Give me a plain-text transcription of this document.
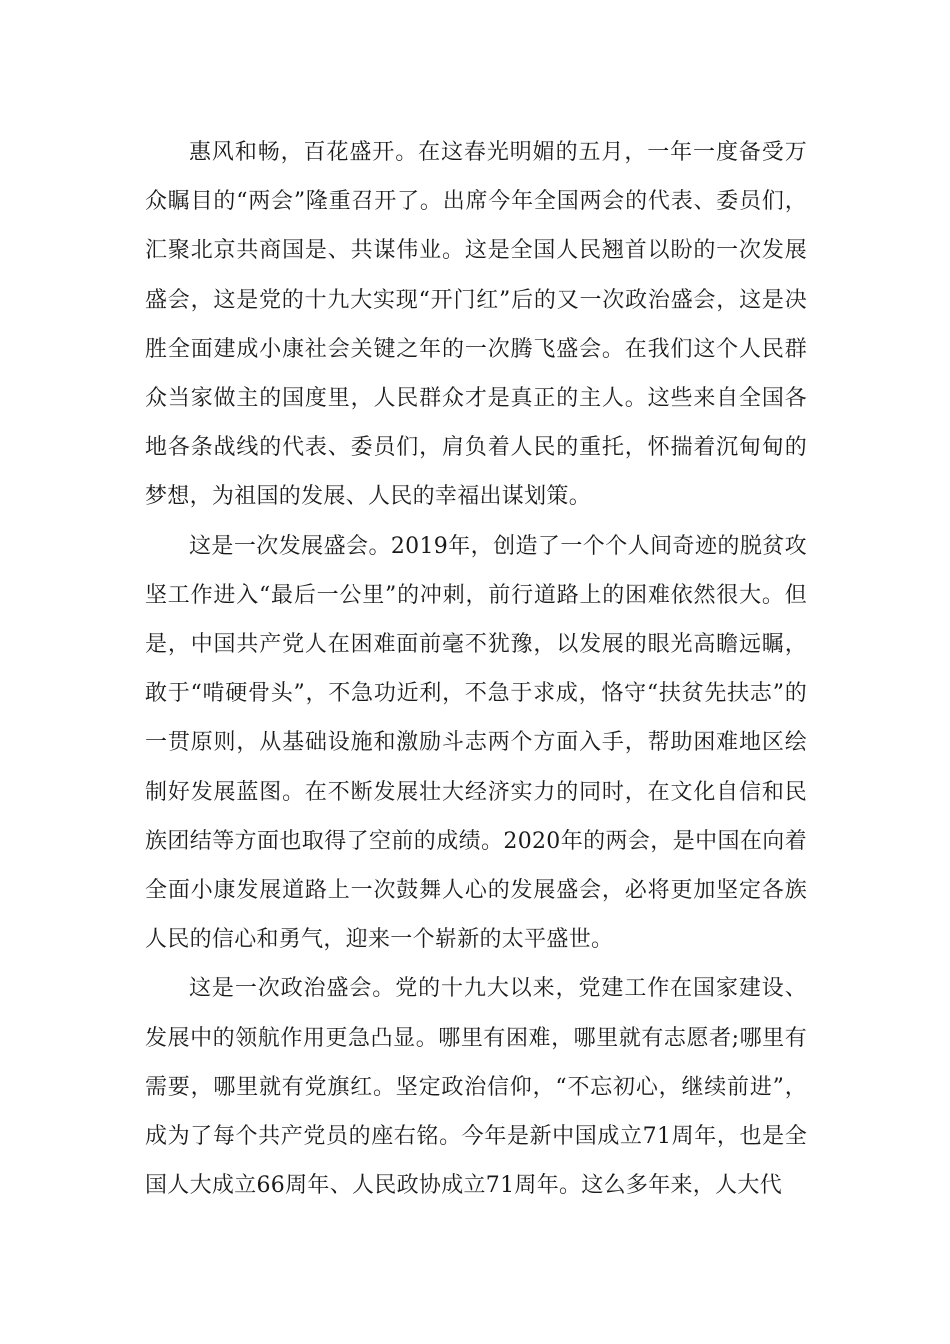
惠风和畅，百花盛开。在这春光明媚的五月，一年一度备受万众瞩目的“两会”隆重召开了。出席今年全国两会的代表、委员们，汇聚北京共商国是、共谋伟业。这是全国人民翘首以盼的一次发展盛会，这是党的十九大实现“开门红”后的又一次政治盛会，这是决胜全面建成小康社会关键之年的一次腾飞盛会。在我们这个人民群众当家做主的国度里，人民群众才是真正的主人。这些来自全国各地各条战线的代表、委员们，肩负着人民的重托，怀揣着沉甸甸的梦想，为祖国的发展、人民的幸福出谋划策。

这是一次发展盛会。2019年，创造了一个个人间奇迹的脱贫攻坚工作进入“最后一公里”的冲刺，前行道路上的困难依然很大。但是，中国共产党人在困难面前毫不犹豫，以发展的眼光高瞻远瞩，敢于“啃硬骨头”，不急功近利，不急于求成，恪守“扶贫先扶志”的一贯原则，从基础设施和激励斗志两个方面入手，帮助困难地区绘制好发展蓝图。在不断发展壮大经济实力的同时，在文化自信和民族团结等方面也取得了空前的成绩。2020年的两会，是中国在向着全面小康发展道路上一次鼓舞人心的发展盛会，必将更加坚定各族人民的信心和勇气，迎来一个崭新的太平盛世。

这是一次政治盛会。党的十九大以来，党建工作在国家建设、发展中的领航作用更急凸显。哪里有困难，哪里就有志愿者;哪里有需要，哪里就有党旗红。坚定政治信仰，“不忘初心，继续前进”，成为了每个共产党员的座右铭。今年是新中国成立71周年，也是全国人大成立66周年、人民政协成立71周年。这么多年来，人大代
